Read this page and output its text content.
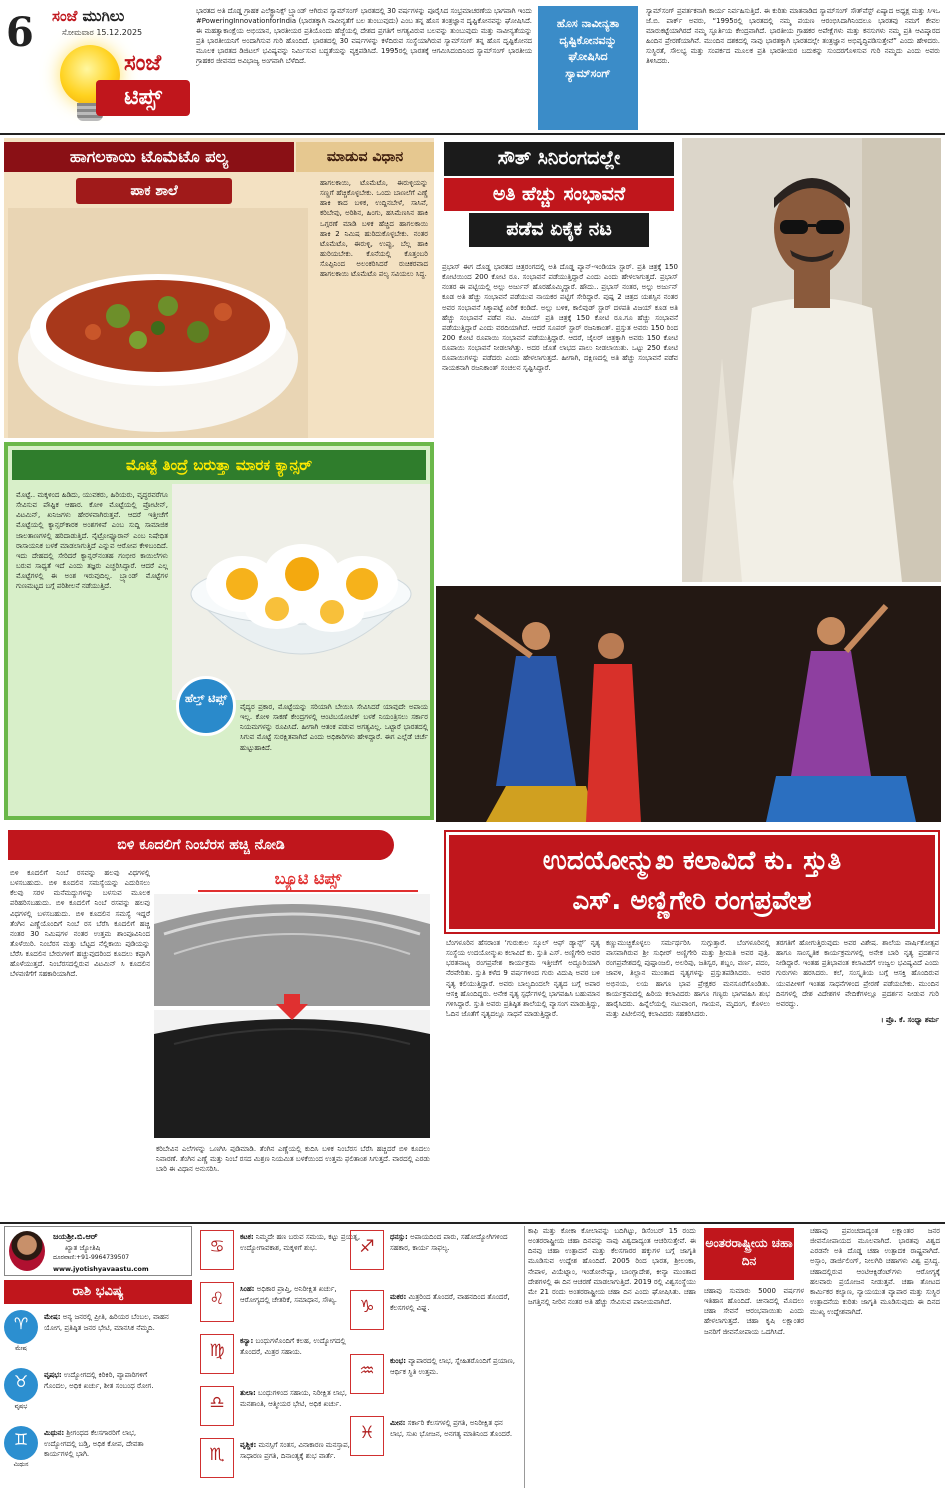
6 ಸಂಜೆ ಮುಗಿಲು
ಸೋಮವಾರ 15.12.2025
ಸಂಜೆ
ಟಿಪ್ಸ್

ಭಾರತದ ಅತಿ ದೊಡ್ಡ ಗ್ರಾಹಕ ಎಲೆಕ್ಟ್ರಾನಿಕ್ಸ್ ಬ್ರ್ಯಾಂಡ್ ಆಗಿರುವ ಸ್ಯಾಮ್‌ಸಂಗ್ ಭಾರತದಲ್ಲಿ 30 ವರ್ಷಗಳನ್ನು ಪೂರೈಸಿದ ಸಂಭ್ರಮಾಚರಣೆಯ ಭಾಗವಾಗಿ ಇಂದು #PoweringInnovationforIndia (ಭಾರತಕ್ಕಾಗಿ ನಾವೀನ್ಯತೆಗೆ ಬಲ ತುಂಬುವುದು) ಎಂಬ ತನ್ನ ಹೊಸ ತಂತ್ರಜ್ಞಾನ ದೃಷ್ಟಿಕೋನವನ್ನು ಘೋಷಿಸಿದೆ. ಈ ಮಹತ್ವಾಕಾಂಕ್ಷೆಯ ಅಭಿಯಾನ, ಭಾರತೀಯರ ಪ್ರತಿಯೊಂದು ಹೆಜ್ಜೆಯಲ್ಲಿ ದೇಶದ ಪ್ರಗತಿಗೆ ಅಗತ್ಯವಿರುವ ಬಲವನ್ನು ತುಂಬುವುದು ಮತ್ತು ನಾವೀನ್ಯತೆಯನ್ನು ಪ್ರತಿ ಭಾರತೀಯನಿಗೆ ಅಂದಾಗಿಸುವ ಗುರಿ ಹೊಂದಿದೆ. ಭಾರತದಲ್ಲಿ 30 ವರ್ಷಗಳನ್ನು ಕಳೆದಿರುವ ಸಂಸ್ಥೆಯಾಗಿರುವ ಸ್ಯಾಮ್‌ಸಂಗ್ ತನ್ನ ಹೊಸ ದೃಷ್ಟಿಕೋನದ ಮೂಲಕ ಭಾರತದ ಡಿಜಿಟಲ್ ಭವಿಷ್ಯವನ್ನು ನಿರ್ಮಿಸುವ ಬದ್ಧತೆಯನ್ನು ವ್ಯಕ್ತಪಡಿಸಿದೆ. 1995ರಲ್ಲಿ ಭಾರತಕ್ಕೆ ಆಗಮಿಸಿದಂದಿನಿಂದ ಸ್ಯಾಮ್‌ಸಂಗ್ ಭಾರತೀಯ ಗ್ರಾಹಕರ ಜೀವನದ ಅವಿಭಾಜ್ಯ ಅಂಗವಾಗಿ ಬೆಳೆದಿದೆ.

ಹೊಸ ನಾವೀನ್ಯತಾ ದೃಷ್ಟಿಕೋನವನ್ನು ಘೋಷಿಸಿದ ಸ್ಯಾಮ್‌ಸಂಗ್

ಸ್ಯಾಮ್‌ಸಂಗ್ ಪ್ರವರ್ತಕನಾಗಿ ಕಾರ್ಯ ನಿರ್ವಹಿಸುತ್ತಿದೆ. ಈ ಕುರಿತು ಮಾತನಾಡಿದ ಸ್ಯಾಮ್‌ಸಂಗ್ ಸೌತ್‌ವೆಸ್ಟ್ ಏಷ್ಯಾದ ಅಧ್ಯಕ್ಷ ಮತ್ತು ಸಿಇಒ ಜೆ.ಬಿ. ಪಾರ್ಕ್ ಅವರು, “1995ರಲ್ಲಿ ಭಾರತದಲ್ಲಿ ನಮ್ಮ ಪಯಣ ಆರಂಭಿಸಿದಾಗಿನಿಂದಲೂ ಭಾರತವು ನಮಗೆ ಕೇವಲ ಮಾರುಕಟ್ಟೆಯಾಗಿರದೆ ನಮ್ಮ ಸ್ಫೂರ್ತಿಯ ಕೇಂದ್ರವಾಗಿದೆ. ಭಾರತೀಯ ಗ್ರಾಹಕರ ಅಪೇಕ್ಷೆಗಳು ಮತ್ತು ಕನಸುಗಳು ನಮ್ಮ ಪ್ರತಿ ಆವಿಷ್ಕಾರದ ಹಿಂದಿನ ಪ್ರೇರಣೆಯಾಗಿವೆ. ಮುಂದಿನ ದಶಕದಲ್ಲಿ ನಾವು ಭಾರತಕ್ಕಾಗಿ ಭಾರತದಲ್ಲೇ ತಂತ್ರಜ್ಞಾನ ಅಭಿವೃದ್ಧಿಪಡಿಸುತ್ತೇವೆ” ಎಂದು ಹೇಳಿದರು. ಸುಸ್ಥಿರತೆ, ಸೌಲಭ್ಯ ಮತ್ತು ಸಂಪರ್ಕದ ಮೂಲಕ ಪ್ರತಿ ಭಾರತೀಯರ ಬದುಕನ್ನು ಸುಂದರಗೊಳಿಸುವ ಗುರಿ ನಮ್ಮದು ಎಂದು ಅವರು ತಿಳಿಸಿದರು.

ಹಾಗಲಕಾಯಿ ಟೊಮೆಟೊ ಪಲ್ಯ	ಮಾಡುವ ವಿಧಾನ
ಪಾಕ ಶಾಲೆ	ಹಾಗಲಕಾಯಿ, ಟೊಮೆಟೊ, ಈರುಳ್ಳಿಯನ್ನು ಸಣ್ಣಗೆ ಹೆಚ್ಚಿಕೊಳ್ಳಬೇಕು. ಒಂದು ಬಾಣಲೆಗೆ ಎಣ್ಣೆ ಹಾಕಿ ಕಾದ ಬಳಿಕ, ಉದ್ದಿನಬೇಳೆ, ಸಾಸಿವೆ, ಕರಿಬೇವು, ಅರಿಶಿನ, ಹಿಂಗು, ಹಸಿಮೆಣಸಿನ ಹಾಕಿ ಒಗ್ಗರಣೆ ಮಾಡಿ ಬಳಿಕ ಹೆಚ್ಚಿದ ಹಾಗಲಕಾಯಿ ಹಾಕಿ 2 ನಿಮಿಷ ಹುರಿದುಕೊಳ್ಳಬೇಕು. ನಂತರ ಟೊಮೆಟೊ, ಈರುಳ್ಳಿ, ಉಪ್ಪು, ಬೆಲ್ಲ ಹಾಕಿ ಹುರಿಯಬೇಕು. ಕೊನೆಯಲ್ಲಿ ಕೊತ್ತಂಬರಿ ಸೊಪ್ಪಿನಿಂದ ಅಲಂಕರಿಸಿದರೆ ರುಚಿಕರವಾದ ಹಾಗಲಕಾಯಿ ಟೊಮೆಟೊ ಪಲ್ಯ ಸವಿಯಲು ಸಿದ್ಧ.

ಸೌತ್ ಸಿನಿರಂಗದಲ್ಲೇ
ಅತಿ ಹೆಚ್ಚು ಸಂಭಾವನೆ
ಪಡೆವ ಏಕೈಕ ನಟ

ಪ್ರಭಾಸ್ ಈಗ ದೊಡ್ಡ ಭಾರತದ ಚಿತ್ರರಂಗದಲ್ಲಿ ಅತಿ ದೊಡ್ಡ ಪ್ಯಾನ್-ಇಂಡಿಯಾ ಸ್ಟಾರ್. ಪ್ರತಿ ಚಿತ್ರಕ್ಕೆ 150 ಕೋಟಿಯಿಂದ 200 ಕೋಟಿ ರೂ. ಸಂಭಾವನೆ ಪಡೆಯುತ್ತಿದ್ದಾರೆ ಎಂದು ಎಂದು ಹೇಳಲಾಗುತ್ತದೆ. ಪ್ರಭಾಸ್ ನಂತರ ಈ ಪಟ್ಟಿಯಲ್ಲಿ ಅಲ್ಲು ಅರ್ಜುನ್ ಹೊರಹೊಮ್ಮಿದ್ದಾರೆ. ಹೌದು.. ಪ್ರಭಾಸ್ ನಂತರ, ಅಲ್ಲು ಅರ್ಜುನ್ ಕೂಡ ಅತಿ ಹೆಚ್ಚು ಸಂಭಾವನೆ ಪಡೆಯುವ ನಾಯಕರ ಪಟ್ಟಿಗೆ ಸೇರಿದ್ದಾರೆ. ಪುಷ್ಪ 2 ಚಿತ್ರದ ಯಶಸ್ಸಿನ ನಂತರ ಅವರ ಸಂಭಾವನೆ ಸಿಕ್ಕಾಪಟ್ಟೆ ಏರಿಕೆ ಕಂಡಿದೆ. ಅಲ್ಲು ಬಳಿಕ, ಕಾಲಿವುಡ್ ಸ್ಟಾರ್ ದಳಪತಿ ವಿಜಯ್ ಕೂಡ ಅತಿ ಹೆಚ್ಚು ಸಂಭಾವನೆ ಪಡೆವ ನಟ. ವಿಜಯ್ ಪ್ರತಿ ಚಿತ್ರಕ್ಕೆ 150 ಕೋಟಿ ರೂ.ಗೂ ಹೆಚ್ಚು ಸಂಭಾವನೆ ಪಡೆಯುತ್ತಿದ್ದಾರೆ ಎಂದು ವರದಿಯಾಗಿದೆ. ಆದರೆ ಸೂಪರ್ ಸ್ಟಾರ್ ರಜನಿಕಾಂತ್. ಪ್ರಸ್ತುತ ಅವರು 150 ರಿಂದ 200 ಕೋಟಿ ರೂಪಾಯಿ ಸಂಭಾವನೆ ಪಡೆಯುತ್ತಿದ್ದಾರೆ. ಆದರೆ, ಜೈಲರ್ ಚಿತ್ರಕ್ಕಾಗಿ ಅವರು 150 ಕೋಟಿ ರೂಪಾಯಿ ಸಂಭಾವನೆ ನೀಡಲಾಗಿತ್ತು. ಅದರ ಜೊತೆ ಲಾಭದ ಪಾಲು ನೀಡಲಾಯಿತು. ಒಟ್ಟು 250 ಕೋಟಿ ರೂಪಾಯಿಗಳನ್ನು ಪಡೆದರು ಎಂದು ಹೇಳಲಾಗುತ್ತದೆ. ಹೀಗಾಗಿ, ದಕ್ಷಿಣದಲ್ಲಿ ಅತಿ ಹೆಚ್ಚು ಸಂಭಾವನೆ ಪಡೆವ ನಾಯಕನಾಗಿ ರಜನಿಕಾಂತ್ ಸಂಚಲನ ಸೃಷ್ಟಿಸಿದ್ದಾರೆ.

ಮೊಟ್ಟೆ ತಿಂದ್ರೆ ಬರುತ್ತಾ ಮಾರಕ ಕ್ಯಾನ್ಸರ್

ಮೊಟ್ಟೆ.. ಮಕ್ಕಳಿಂದ ಹಿಡಿದು, ಯುವಕರು, ಹಿರಿಯರು, ವೃದ್ಧರವರೆಗೂ ಸೇವಿಸುವ ಪೌಷ್ಟಿಕ ಆಹಾರ. ಕೋಳಿ ಮೊಟ್ಟೆಯಲ್ಲಿ ಪ್ರೋಟೀನ್, ವಿಟಮಿನ್, ಖನಿಜಗಳು ಹೇರಳವಾಗಿರುತ್ತವೆ. ಆದರೆ ಇತ್ತೀಚೆಗೆ ಮೊಟ್ಟೆಯಲ್ಲಿ ಕ್ಯಾನ್ಸರ್‌ಕಾರಕ ಅಂಶಗಳಿವೆ ಎಂಬ ಸುದ್ದಿ ಸಾಮಾಜಿಕ ಜಾಲತಾಣಗಳಲ್ಲಿ ಹರಿದಾಡುತ್ತಿದೆ. ನೈಟ್ರೋಫ್ಯೂರಾನ್ ಎಂಬ ನಿಷೇಧಿತ ರಾಸಾಯನಿಕ ಬಳಕೆ ಮಾಡಲಾಗುತ್ತಿದೆ ಎನ್ನುವ ಆರೋಪ ಕೇಳಿಬಂದಿದೆ. ಇದು ದೇಹದಲ್ಲಿ ಸೇರಿದರೆ ಕ್ಯಾನ್ಸರ್‌ನಂತಹ ಗಂಭೀರ ಕಾಯಿಲೆಗಳು ಬರುವ ಸಾಧ್ಯತೆ ಇದೆ ಎಂದು ತಜ್ಞರು ಎಚ್ಚರಿಸಿದ್ದಾರೆ. ಆದರೆ ಎಲ್ಲ ಮೊಟ್ಟೆಗಳಲ್ಲಿ ಈ ಅಂಶ ಇರುವುದಿಲ್ಲ. ಬ್ರ್ಯಾಂಡ್ ಮೊಟ್ಟೆಗಳ ಗುಣಮಟ್ಟದ ಬಗ್ಗೆ ಪರಿಶೀಲನೆ ನಡೆಯುತ್ತಿದೆ.

ಹೆಲ್ತ್ ಟಿಪ್ಸ್

ವೈದ್ಯರ ಪ್ರಕಾರ, ಮೊಟ್ಟೆಯನ್ನು ಸರಿಯಾಗಿ ಬೇಯಿಸಿ ಸೇವಿಸಿದರೆ ಯಾವುದೇ ಅಪಾಯ ಇಲ್ಲ. ಕೋಳಿ ಸಾಕಣೆ ಕೇಂದ್ರಗಳಲ್ಲಿ ಆಂಟಿಬಯೋಟಿಕ್ ಬಳಕೆ ನಿಯಂತ್ರಿಸಲು ಸರ್ಕಾರ ನಿಯಮಗಳನ್ನು ರೂಪಿಸಿದೆ. ಹೀಗಾಗಿ ಆತಂಕ ಪಡುವ ಅಗತ್ಯವಿಲ್ಲ. ಒಟ್ಟಾರೆ ಭಾರತದಲ್ಲಿ ಸಿಗುವ ಮೊಟ್ಟೆ ಸುರಕ್ಷಿತವಾಗಿದೆ ಎಂದು ಅಧಿಕಾರಿಗಳು ಹೇಳಿದ್ದಾರೆ. ಈಗ ಎಲ್ಲೆಡೆ ಚರ್ಚೆ ಹುಟ್ಟುಹಾಕಿದೆ.

ಬಿಳಿ ಕೂದಲಿಗೆ ನಿಂಬೆರಸ ಹಚ್ಚಿ ನೋಡಿ

ಬಿಳಿ ಕೂದಲಿಗೆ ನಿಂಬೆ ರಸವನ್ನು ಹಲವು ವಿಧಗಳಲ್ಲಿ ಬಳಸಬಹುದು. ಬಿಳಿ ಕೂದಲಿನ ಸಮಸ್ಯೆಯನ್ನು ಎದುರಿಸಲು ಕೆಲವು ಸರಳ ಮನೆಮದ್ದುಗಳನ್ನು ಬಳಸುವ ಮೂಲಕ ಪರಿಹರಿಸಬಹುದು. ಬಿಳಿ ಕೂದಲಿಗೆ ನಿಂಬೆ ರಸವನ್ನು ಹಲವು ವಿಧಗಳಲ್ಲಿ ಬಳಸಬಹುದು. ಬಿಳಿ ಕೂದಲಿನ ಸಮಸ್ಯೆ ಇದ್ದರೆ ತೆಂಗಿನ ಎಣ್ಣೆಯೊಂದಿಗೆ ನಿಂಬೆ ರಸ ಬೆರೆಸಿ ಕೂದಲಿಗೆ ಹಚ್ಚಿ ನಂತರ 30 ನಿಮಿಷಗಳ ನಂತರ ಉತ್ತಮ ಶಾಂಪೂವಿನಿಂದ ತೊಳೆಯಿರಿ. ನಿಂಬೆರಸ ಮತ್ತು ಬೆಟ್ಟದ ನೆಲ್ಲಿಕಾಯಿ ಪುಡಿಯನ್ನು ಬೆರೆಸಿ ಕೂದಲಿನ ಬೇರುಗಳಿಗೆ ಹಚ್ಚುವುದರಿಂದ ಕೂದಲು ಕಪ್ಪಾಗಿ ಹೊಳೆಯುತ್ತದೆ. ನಿಂಬೆರಸದಲ್ಲಿರುವ ವಿಟಮಿನ್ ಸಿ ಕೂದಲಿನ ಬೆಳವಣಿಗೆಗೆ ಸಹಕಾರಿಯಾಗಿದೆ.

ಬ್ಯೂಟಿ ಟಿಪ್ಸ್

ಕರಿಬೇವಿನ ಎಲೆಗಳನ್ನು ಒಣಗಿಸಿ ಪುಡಿಮಾಡಿ. ತೆಂಗಿನ ಎಣ್ಣೆಯಲ್ಲಿ ಕುದಿಸಿ ಬಳಿಕ ನಿಂಬೆರಸ ಬೆರೆಸಿ ಹಚ್ಚಿದರೆ ಬಿಳಿ ಕೂದಲು ನಿವಾರಣೆ. ತೆಂಗಿನ ಎಣ್ಣೆ ಮತ್ತು ನಿಂಬೆ ರಸದ ಮಿಶ್ರಣ ನಿಯಮಿತ ಬಳಕೆಯಿಂದ ಉತ್ತಮ ಫಲಿತಾಂಶ ಸಿಗುತ್ತದೆ. ವಾರದಲ್ಲಿ ಎರಡು ಬಾರಿ ಈ ವಿಧಾನ ಅನುಸರಿಸಿ.

ಉದಯೋನ್ಮುಖ ಕಲಾವಿದೆ ಕು. ಸ್ತುತಿ
ಎಸ್. ಅಣ್ಣಿಗೇರಿ ರಂಗಪ್ರವೇಶ

ಬೆಂಗಳೂರಿನ ಹೆಸರಾಂತ ‘ಗುರುಕುಲ ಸ್ಕೂಲ್ ಆಫ್ ಡ್ಯಾನ್ಸ್’ ನೃತ್ಯ ಸಂಸ್ಥೆಯ ಉದಯೋನ್ಮುಖ ಕಲಾವಿದೆ ಕು. ಸ್ತುತಿ ಎಸ್. ಅಣ್ಣಿಗೇರಿ ಅವರ ಭರತನಾಟ್ಯ ರಂಗಪ್ರವೇಶ ಕಾರ್ಯಕ್ರಮ ಇತ್ತೀಚೆಗೆ ಅದ್ದೂರಿಯಾಗಿ ನೆರವೇರಿತು. ಸ್ತುತಿ ಕಳೆದ 9 ವರ್ಷಗಳಿಂದ ಗುರು ವಿದುಷಿ ಅವರ ಬಳಿ ನೃತ್ಯ ಕಲಿಯುತ್ತಿದ್ದಾರೆ. ಅವರು ಬಾಲ್ಯದಿಂದಲೇ ನೃತ್ಯದ ಬಗ್ಗೆ ಅಪಾರ ಆಸಕ್ತಿ ಹೊಂದಿದ್ದರು. ಅನೇಕ ನೃತ್ಯ ಸ್ಪರ್ಧೆಗಳಲ್ಲಿ ಭಾಗವಹಿಸಿ ಬಹುಮಾನ ಗಳಿಸಿದ್ದಾರೆ. ಸ್ತುತಿ ಅವರು ಪ್ರತಿಷ್ಠಿತ ಶಾಲೆಯಲ್ಲಿ ವ್ಯಾಸಂಗ ಮಾಡುತ್ತಿದ್ದು, ಓದಿನ ಜೊತೆಗೆ ನೃತ್ಯದಲ್ಲೂ ಸಾಧನೆ ಮಾಡುತ್ತಿದ್ದಾರೆ.

ಕಣ್ಣುಮುಚ್ಚಿಕೊಳ್ಳಲು ಸರ್ಮರ್ಥರಿಸಿ ಸುಗ್ಗುತ್ತಾರೆ. ಬೆಂಗಳೂರಿನಲ್ಲಿ ವಾಸವಾಗಿರುವ ಶ್ರೀ ಸುಧೀರ್ ಅಣ್ಣಿಗೇರಿ ಮತ್ತು ಶ್ರೀಮತಿ ಅವರ ಪುತ್ರಿ. ರಂಗಪ್ರವೇಶದಲ್ಲಿ ಪುಷ್ಪಾಂಜಲಿ, ಅಲರಿಪು, ಜತಿಸ್ವರ, ಶಬ್ದಂ, ವರ್ಣ, ಪದಂ, ಜಾವಳಿ, ತಿಲ್ಲಾನ ಮುಂತಾದ ನೃತ್ಯಗಳನ್ನು ಪ್ರಸ್ತುತಪಡಿಸಿದರು. ಅವರ ಅಭಿನಯ, ಲಯ ಹಾಗೂ ಭಾವ ಪ್ರೇಕ್ಷಕರ ಮನಸೂರೆಗೊಂಡಿತು. ಕಾರ್ಯಕ್ರಮದಲ್ಲಿ ಹಿರಿಯ ಕಲಾವಿದರು ಹಾಗೂ ಗಣ್ಯರು ಭಾಗವಹಿಸಿ ಶುಭ ಹಾರೈಸಿದರು. ಹಿನ್ನೆಲೆಯಲ್ಲಿ ನಟುವಾಂಗ, ಗಾಯನ, ಮೃದಂಗ, ಕೊಳಲು ಮತ್ತು ಪಿಟೀಲಿನಲ್ಲಿ ಕಲಾವಿದರು ಸಹಕರಿಸಿದರು.

ತರಗತಿಗೆ ಹೋಗುತ್ತಿರುವುದು ಅವರ ವಿಶೇಷ. ಶಾಲೆಯ ವಾರ್ಷಿಕೋತ್ಸವ ಹಾಗೂ ಸಾಂಸ್ಕೃತಿಕ ಕಾರ್ಯಕ್ರಮಗಳಲ್ಲಿ ಅನೇಕ ಬಾರಿ ನೃತ್ಯ ಪ್ರದರ್ಶನ ನೀಡಿದ್ದಾರೆ. ಇಂತಹ ಪ್ರತಿಭಾವಂತ ಕಲಾವಿದೆಗೆ ಉಜ್ವಲ ಭವಿಷ್ಯವಿದೆ ಎಂದು ಗುರುಗಳು ಹರಸಿದರು. ಕಲೆ, ಸಂಸ್ಕೃತಿಯ ಬಗ್ಗೆ ಆಸಕ್ತಿ ಹೊಂದಿರುವ ಯುವಪೀಳಿಗೆ ಇಂತಹ ಸಾಧನೆಗಳಿಂದ ಪ್ರೇರಣೆ ಪಡೆಯಬೇಕು. ಮುಂದಿನ ದಿನಗಳಲ್ಲಿ ದೇಶ ವಿದೇಶಗಳ ವೇದಿಕೆಗಳಲ್ಲೂ ಪ್ರದರ್ಶನ ನೀಡುವ ಗುರಿ ಅವರದ್ದು.

। ಪ್ರೊ. ಕೆ. ಸಂಧ್ಯಾ ಶರ್ಮ
ಜಯಶ್ರೀ.ಬಿ.ಆರ್
ಖ್ಯಾತ ಜ್ಯೋತಿಷಿ
ದೂರವಾಣಿ:+91-9964739507
www.jyotishyavaastu.com
ರಾಶಿ ಭವಿಷ್ಯ
♈
ಮೇಷ
ಮೇಷ: ಅನ್ಯ ಜನರಲ್ಲಿ ಪ್ರೀತಿ, ಹಿರಿಯರ ಬೆಂಬಲ, ವಾಹನ ಯೋಗ, ಪ್ರತಿಷ್ಠಿತ ಜನರ ಭೇಟಿ, ಮಾನಸಿಕ ನೆಮ್ಮದಿ.
♉
ವೃಷಭ
ವೃಷಭ: ಉದ್ಯೋಗದಲ್ಲಿ ಕಿರಿಕಿರಿ, ವ್ಯಾಪಾರಿಗಳಿಗೆ ಗೊಂದಲ, ಅಧಿಕ ಖರ್ಚು, ಶೀತ ಸಂಬಂಧ ರೋಗ.
♊
ಮಿಥುನ
ಮಿಥುನ: ಶ್ರೀಗಂಧದ ಕೆಲಸಗಾರರಿಗೆ ಲಾಭ, ಉದ್ಯೋಗದಲ್ಲಿ ಬಡ್ತಿ, ಅಧಿಕ ಕೋಪ, ದೇವತಾ ಕಾರ್ಯಗಳಲ್ಲಿ ಭಾಗಿ.
♋	ಕಟಕ: ನಿಮ್ಮದೇ ಹಣ ಬರುವ ಸಮಯ, ಕಟ್ಟು ಪ್ರಯತ್ನ, ಉದ್ಯೋಗಾವಕಾಶ, ಮಕ್ಕಳಿಗೆ ಶುಭ.
♌	ಸಿಂಹ: ಅಧಿಕಾರ ಪ್ರಾಪ್ತಿ, ಅನಿರೀಕ್ಷಿತ ಖರ್ಚು, ಆರೋಗ್ಯದಲ್ಲಿ ಚೇತರಿಕೆ, ಸಮಾಧಾನ, ಸೌಖ್ಯ.
♍	ಕನ್ಯಾ: ಬಂಧುಗಳೊಂದಿಗೆ ಕಲಹ, ಉದ್ಯೋಗದಲ್ಲಿ ತೊಂದರೆ, ಮಿತ್ರರ ಸಹಾಯ.
♎	ತುಲಾ: ಬಂಧುಗಳಿಂದ ಸಹಾಯ, ನಿರೀಕ್ಷಿತ ಲಾಭ, ಮನಶಾಂತಿ, ಆತ್ಮೀಯರ ಭೇಟಿ, ಅಧಿಕ ಖರ್ಚು.
♏	ವೃಶ್ಚಿಕ: ಮನಸ್ಸಿಗೆ ಸಂತಸ, ವಿನಾಕಾರಣ ಮನಸ್ತಾಪ, ಸಾಧಾರಣ ಪ್ರಗತಿ, ದಿನಾಂತ್ಯಕ್ಕೆ ಶುಭ ವಾರ್ತೆ.
♐	ಧನಸ್ಸು: ಅಪಾಯದಿಂದ ಪಾರು, ಸಹೋದ್ಯೋಗಿಗಳಿಂದ ಸಹಕಾರ, ಕಾರ್ಯ ಸಾಫಲ್ಯ.
♑	ಮಕರ: ಮಿತ್ರರಿಂದ ತೊಂದರೆ, ವಾಹನದಿಂದ ತೊಂದರೆ, ಕೆಲಸಗಳಲ್ಲಿ ವಿಘ್ನ.
♒	ಕುಂಭ: ವ್ಯಾಪಾರದಲ್ಲಿ ಲಾಭ, ಸ್ನೇಹಿತರೊಂದಿಗೆ ಪ್ರಯಾಣ, ಆರ್ಥಿಕ ಸ್ಥಿತಿ ಉತ್ತಮ.
♓	ಮೀನ: ಸರ್ಕಾರಿ ಕೆಲಸಗಳಲ್ಲಿ ಪ್ರಗತಿ, ಅನಿರೀಕ್ಷಿತ ಧನ ಲಾಭ, ಸುಖ ಭೋಜನ, ಅನಗತ್ಯ ಮಾತಿನಿಂದ ತೊಂದರೆ.

ಕಾಫಿ ಮತ್ತು ಕೋಕಾ ಕೋಲಾವನ್ನು ಬದಿಗಿಟ್ಟು, ಡಿಸೆಂಬರ್ 15 ರಂದು ಅಂತರರಾಷ್ಟ್ರೀಯ ಚಹಾ ದಿನವನ್ನು ನಾವು ವಿಶ್ವದಾದ್ಯಂತ ಆಚರಿಸುತ್ತೇವೆ. ಈ ದಿನವು ಚಹಾ ಉತ್ಪಾದನೆ ಮತ್ತು ಕೆಲಸಗಾರರ ಹಕ್ಕುಗಳ ಬಗ್ಗೆ ಜಾಗೃತಿ ಮೂಡಿಸುವ ಉದ್ದೇಶ ಹೊಂದಿದೆ. 2005 ರಿಂದ ಭಾರತ, ಶ್ರೀಲಂಕಾ, ನೇಪಾಳ, ವಿಯೆಟ್ನಾಂ, ಇಂಡೋನೇಷ್ಯಾ, ಬಾಂಗ್ಲಾದೇಶ, ಕೀನ್ಯಾ ಮುಂತಾದ ದೇಶಗಳಲ್ಲಿ ಈ ದಿನ ಆಚರಣೆ ಮಾಡಲಾಗುತ್ತಿದೆ. 2019 ರಲ್ಲಿ ವಿಶ್ವಸಂಸ್ಥೆಯು ಮೇ 21 ರಂದು ಅಂತರರಾಷ್ಟ್ರೀಯ ಚಹಾ ದಿನ ಎಂದು ಘೋಷಿಸಿತು. ಚಹಾ ಜಗತ್ತಿನಲ್ಲಿ ನೀರಿನ ನಂತರ ಅತಿ ಹೆಚ್ಚು ಸೇವಿಸುವ ಪಾನೀಯವಾಗಿದೆ.

ಅಂತರರಾಷ್ಟ್ರೀಯ ಚಹಾ ದಿನ

ಚಹಾವು ಸುಮಾರು 5000 ವರ್ಷಗಳ ಇತಿಹಾಸ ಹೊಂದಿದೆ. ಚೀನಾದಲ್ಲಿ ಮೊದಲು ಚಹಾ ಸೇವನೆ ಆರಂಭವಾಯಿತು ಎಂದು ಹೇಳಲಾಗುತ್ತದೆ. ಚಹಾ ಕೃಷಿ ಲಕ್ಷಾಂತರ ಜನರಿಗೆ ಜೀವನೋಪಾಯ ಒದಗಿಸಿದೆ.

ಚಹಾವು ಪ್ರಪಂಚದಾದ್ಯಂತ ಲಕ್ಷಾಂತರ ಜನರ ಜೀವನೋಪಾಯದ ಮೂಲವಾಗಿದೆ. ಭಾರತವು ವಿಶ್ವದ ಎರಡನೇ ಅತಿ ದೊಡ್ಡ ಚಹಾ ಉತ್ಪಾದಕ ರಾಷ್ಟ್ರವಾಗಿದೆ. ಅಸ್ಸಾಂ, ಡಾರ್ಜಿಲಿಂಗ್, ನೀಲಗಿರಿ ಚಹಾಗಳು ವಿಶ್ವ ಪ್ರಸಿದ್ಧ. ಚಹಾದಲ್ಲಿರುವ ಆಂಟಿಆಕ್ಸಿಡೆಂಟ್‌ಗಳು ಆರೋಗ್ಯಕ್ಕೆ ಹಲವಾರು ಪ್ರಯೋಜನ ನೀಡುತ್ತವೆ. ಚಹಾ ತೋಟದ ಕಾರ್ಮಿಕರ ಕಲ್ಯಾಣ, ನ್ಯಾಯಯುತ ವ್ಯಾಪಾರ ಮತ್ತು ಸುಸ್ಥಿರ ಉತ್ಪಾದನೆಯ ಕುರಿತು ಜಾಗೃತಿ ಮೂಡಿಸುವುದು ಈ ದಿನದ ಮುಖ್ಯ ಉದ್ದೇಶವಾಗಿದೆ.
